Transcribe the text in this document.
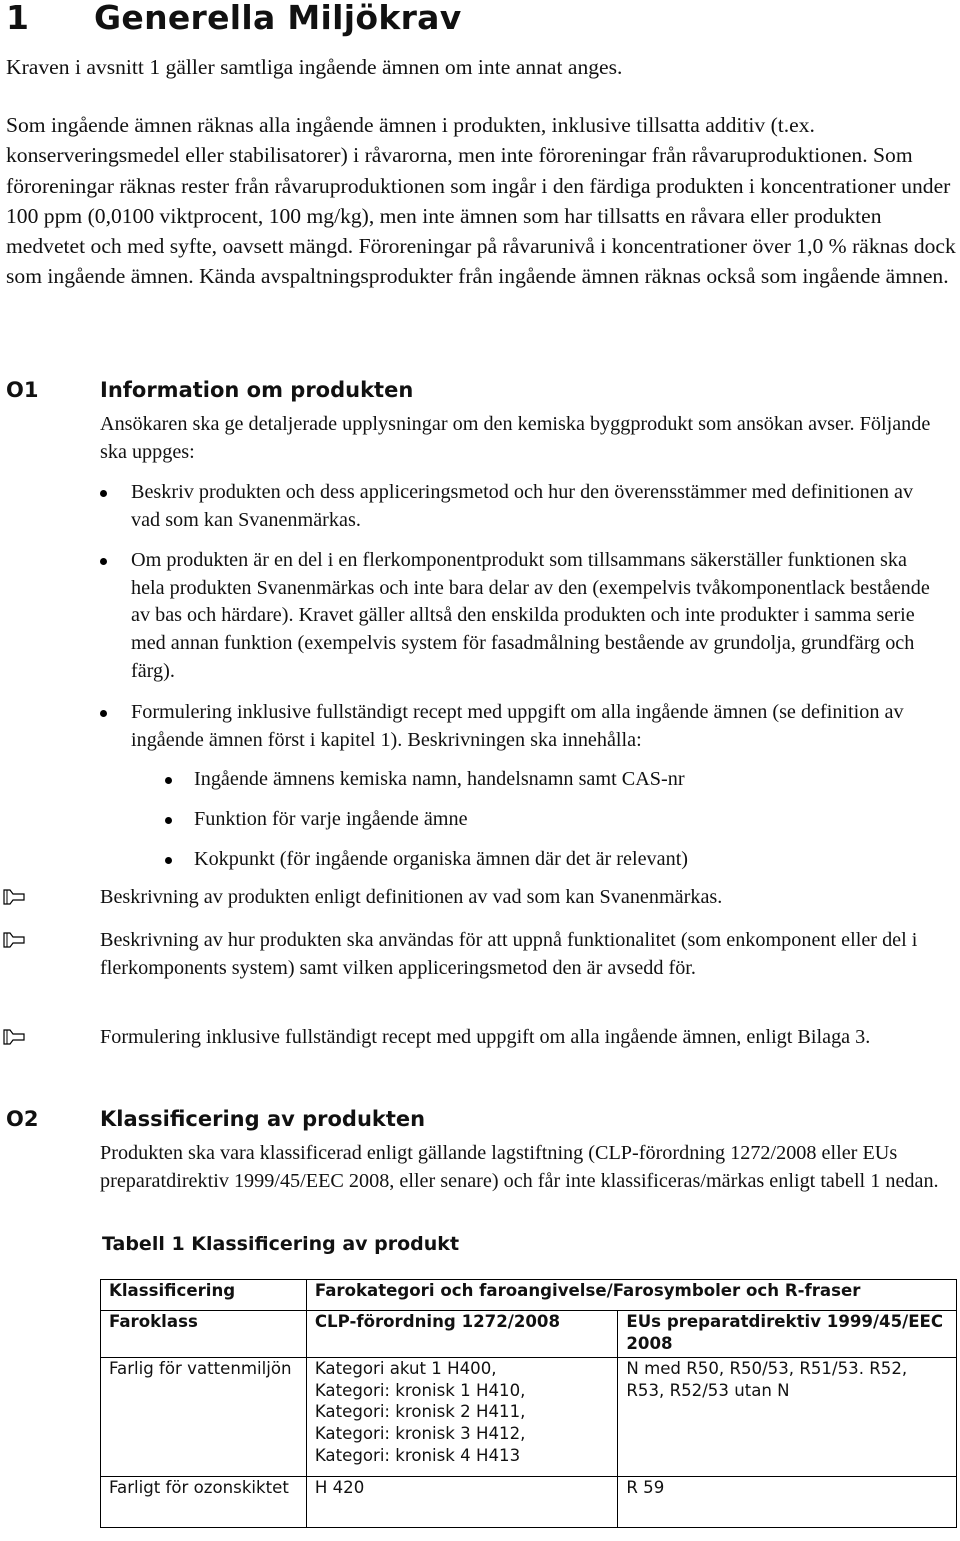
1 Generella Miljökrav

Kraven i avsnitt 1 gäller samtliga ingående ämnen om inte annat anges.

Som ingående ämnen räknas alla ingående ämnen i produkten, inklusive tillsatta additiv (t.ex. konserveringsmedel eller stabilisatorer) i råvarorna, men inte föroreningar från råvaruproduktionen. Som föroreningar räknas rester från råvaruproduktionen som ingår i den färdiga produkten i koncentrationer under 100 ppm (0,0100 viktprocent, 100 mg/kg), men inte ämnen som har tillsatts en råvara eller produkten medvetet och med syfte, oavsett mängd. Föroreningar på råvarunivå i koncentrationer över 1,0 % räknas dock som ingående ämnen. Kända avspaltningsprodukter från ingående ämnen räknas också som ingående ämnen.

O1	Information om produkten

Ansökaren ska ge detaljerade upplysningar om den kemiska byggprodukt som ansökan avser. Följande ska uppges:

Beskriv produkten och dess appliceringsmetod och hur den överensstämmer med definitionen av vad som kan Svanenmärkas.
Om produkten är en del i en flerkomponentprodukt som tillsammans säkerställer funktionen ska hela produkten Svanenmärkas och inte bara delar av den (exempelvis tvåkomponentlack bestående av bas och härdare). Kravet gäller alltså den enskilda produkten och inte produkter i samma serie med annan funktion (exempelvis system för fasadmålning bestående av grundolja, grundfärg och färg).
Formulering inklusive fullständigt recept med uppgift om alla ingående ämnen (se definition av ingående ämnen först i kapitel 1). Beskrivningen ska innehålla:
Ingående ämnens kemiska namn, handelsnamn samt CAS-nr
Funktion för varje ingående ämne
Kokpunkt (för ingående organiska ämnen där det är relevant)
Beskrivning av produkten enligt definitionen av vad som kan Svanenmärkas.
Beskrivning av hur produkten ska användas för att uppnå funktionalitet (som enkomponent eller del i flerkomponents system) samt vilken appliceringsmetod den är avsedd för.
Formulering inklusive fullständigt recept med uppgift om alla ingående ämnen, enligt Bilaga 3.
O2	Klassificering av produkten

Produkten ska vara klassificerad enligt gällande lagstiftning (CLP-förordning 1272/2008 eller EUs preparatdirektiv 1999/45/EEC 2008, eller senare) och får inte klassificeras/märkas enligt tabell 1 nedan.

Tabell 1 Klassificering av produkt
Klassificering	Farokategori och faroangivelse/Farosymboler och R-fraser	
Faroklass	CLP-förordning 1272/2008	EUs preparatdirektiv 1999/45/EEC 2008
Farlig för vattenmiljön	Kategori akut 1 H400,
Kategori: kronisk 1 H410,
Kategori: kronisk 2 H411,
Kategori: kronisk 3 H412,
Kategori: kronisk 4 H413	N med R50, R50/53, R51/53. R52, R53, R52/53 utan N
Farligt för ozonskiktet	H 420	R 59
